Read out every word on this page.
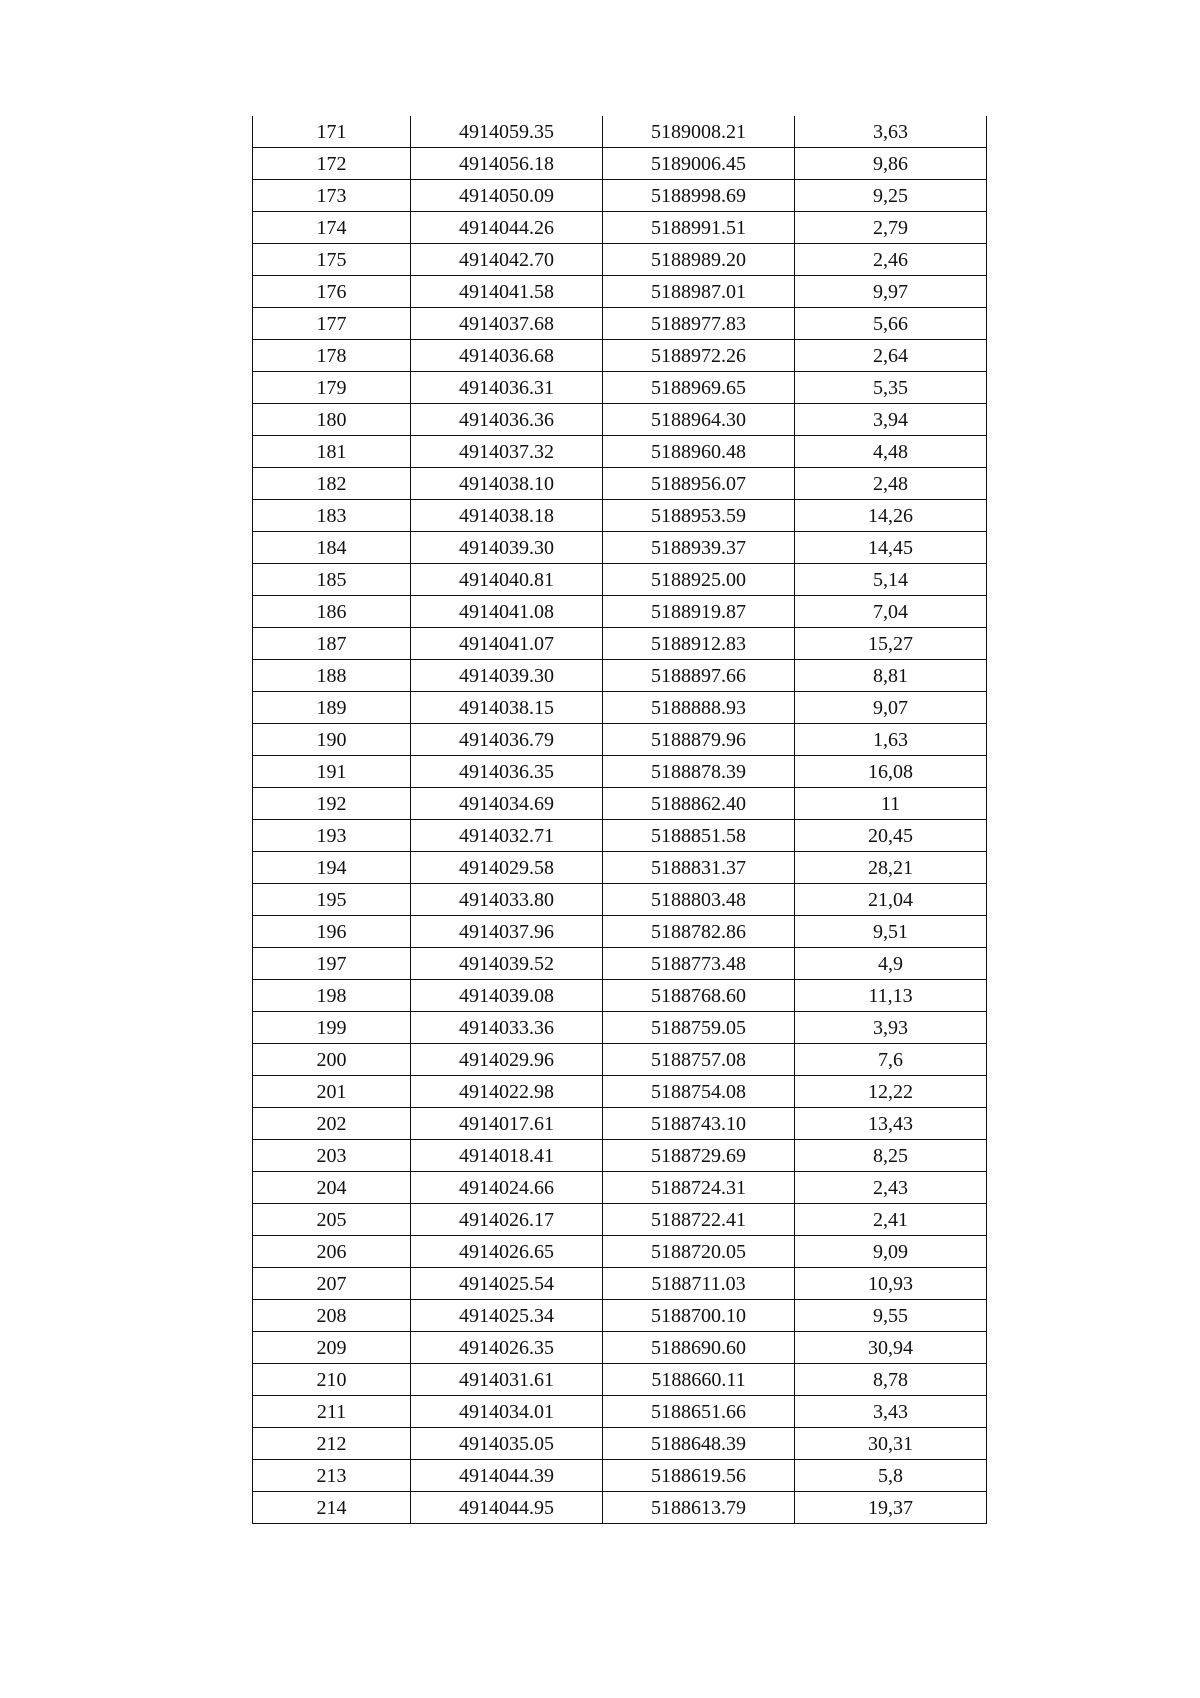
171	4914059.35	5189008.21	3,63
172	4914056.18	5189006.45	9,86
173	4914050.09	5188998.69	9,25
174	4914044.26	5188991.51	2,79
175	4914042.70	5188989.20	2,46
176	4914041.58	5188987.01	9,97
177	4914037.68	5188977.83	5,66
178	4914036.68	5188972.26	2,64
179	4914036.31	5188969.65	5,35
180	4914036.36	5188964.30	3,94
181	4914037.32	5188960.48	4,48
182	4914038.10	5188956.07	2,48
183	4914038.18	5188953.59	14,26
184	4914039.30	5188939.37	14,45
185	4914040.81	5188925.00	5,14
186	4914041.08	5188919.87	7,04
187	4914041.07	5188912.83	15,27
188	4914039.30	5188897.66	8,81
189	4914038.15	5188888.93	9,07
190	4914036.79	5188879.96	1,63
191	4914036.35	5188878.39	16,08
192	4914034.69	5188862.40	11
193	4914032.71	5188851.58	20,45
194	4914029.58	5188831.37	28,21
195	4914033.80	5188803.48	21,04
196	4914037.96	5188782.86	9,51
197	4914039.52	5188773.48	4,9
198	4914039.08	5188768.60	11,13
199	4914033.36	5188759.05	3,93
200	4914029.96	5188757.08	7,6
201	4914022.98	5188754.08	12,22
202	4914017.61	5188743.10	13,43
203	4914018.41	5188729.69	8,25
204	4914024.66	5188724.31	2,43
205	4914026.17	5188722.41	2,41
206	4914026.65	5188720.05	9,09
207	4914025.54	5188711.03	10,93
208	4914025.34	5188700.10	9,55
209	4914026.35	5188690.60	30,94
210	4914031.61	5188660.11	8,78
211	4914034.01	5188651.66	3,43
212	4914035.05	5188648.39	30,31
213	4914044.39	5188619.56	5,8
214	4914044.95	5188613.79	19,37
